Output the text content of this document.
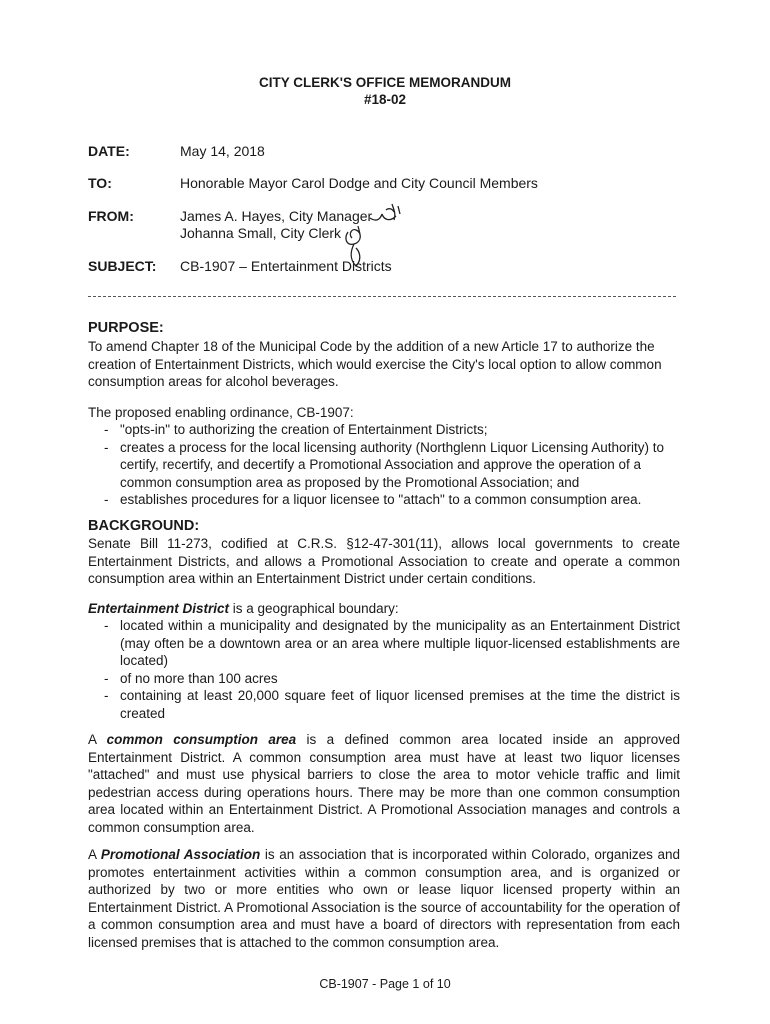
CITY CLERK'S OFFICE MEMORANDUM
#18-02
DATE:	May 14, 2018
TO:	Honorable Mayor Carol Dodge and City Council Members
FROM:	James A. Hayes, City Manager
Johanna Small, City Clerk
SUBJECT: CB-1907 – Entertainment Districts
PURPOSE:
To amend Chapter 18 of the Municipal Code by the addition of a new Article 17 to authorize the creation of Entertainment Districts, which would exercise the City's local option to allow common consumption areas for alcohol beverages.
The proposed enabling ordinance, CB-1907:
- "opts-in" to authorizing the creation of Entertainment Districts;
- creates a process for the local licensing authority (Northglenn Liquor Licensing Authority) to certify, recertify, and decertify a Promotional Association and approve the operation of a common consumption area as proposed by the Promotional Association; and
- establishes procedures for a liquor licensee to "attach" to a common consumption area.
BACKGROUND:
Senate Bill 11-273, codified at C.R.S. §12-47-301(11), allows local governments to create Entertainment Districts, and allows a Promotional Association to create and operate a common consumption area within an Entertainment District under certain conditions.
Entertainment District is a geographical boundary:
- located within a municipality and designated by the municipality as an Entertainment District (may often be a downtown area or an area where multiple liquor-licensed establishments are located)
- of no more than 100 acres
- containing at least 20,000 square feet of liquor licensed premises at the time the district is created
A common consumption area is a defined common area located inside an approved Entertainment District. A common consumption area must have at least two liquor licenses "attached" and must use physical barriers to close the area to motor vehicle traffic and limit pedestrian access during operations hours. There may be more than one common consumption area located within an Entertainment District. A Promotional Association manages and controls a common consumption area.
A Promotional Association is an association that is incorporated within Colorado, organizes and promotes entertainment activities within a common consumption area, and is organized or authorized by two or more entities who own or lease liquor licensed property within an Entertainment District. A Promotional Association is the source of accountability for the operation of a common consumption area and must have a board of directors with representation from each licensed premises that is attached to the common consumption area.
CB-1907 - Page 1 of 10
